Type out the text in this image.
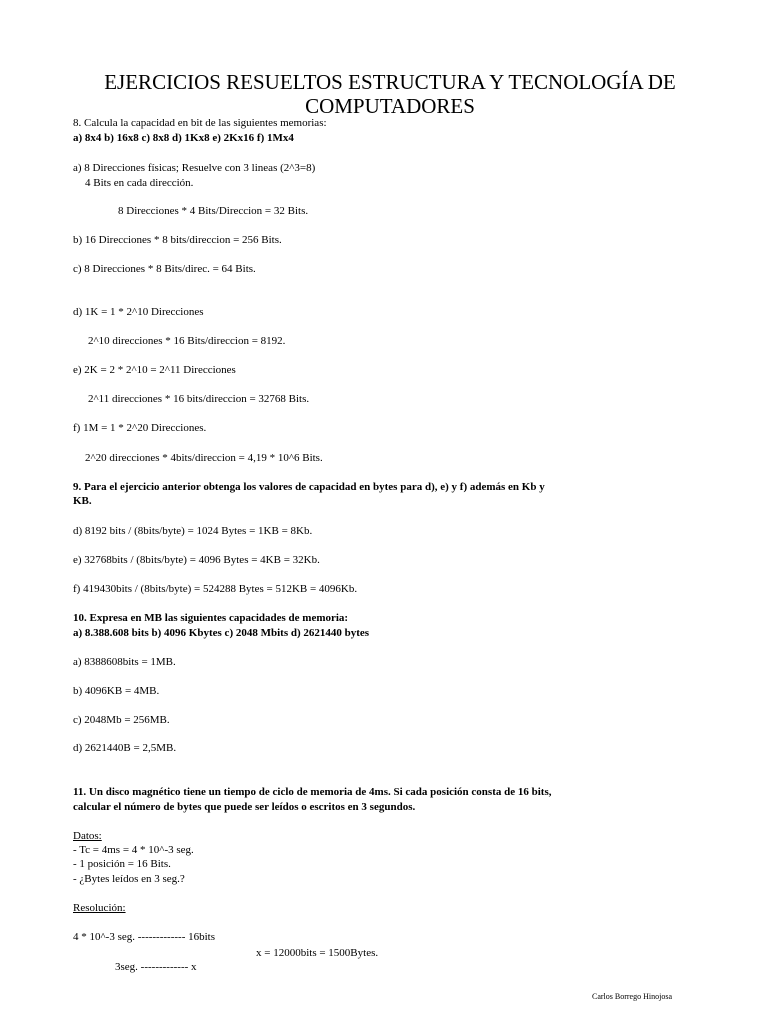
EJERCICIOS RESUELTOS ESTRUCTURA Y TECNOLOGÍA DE
COMPUTADORES
8. Calcula la capacidad en bit de las siguientes memorias:
a) 8x4 b) 16x8 c) 8x8 d) 1Kx8 e) 2Kx16 f) 1Mx4
a) 8 Direcciones físicas; Resuelve con 3 lineas (2^3=8)
4 Bits en cada dirección.
8 Direcciones * 4 Bits/Direccion = 32 Bits.
b) 16 Direcciones * 8 bits/direccion = 256 Bits.
c) 8 Direcciones * 8 Bits/direc. = 64 Bits.
d) 1K = 1 * 2^10 Direcciones
2^10 direcciones * 16 Bits/direccion = 8192.
e) 2K = 2 * 2^10 = 2^11 Direcciones
2^11 direcciones * 16 bits/direccion = 32768 Bits.
f) 1M = 1 * 2^20 Direcciones.
2^20 direcciones * 4bits/direccion = 4,19 * 10^6 Bits.
9. Para el ejercicio anterior obtenga los valores de capacidad en bytes para d), e) y f) además en Kb y
KB.
d) 8192 bits / (8bits/byte) = 1024 Bytes = 1KB = 8Kb.
e) 32768bits / (8bits/byte) = 4096 Bytes = 4KB = 32Kb.
f) 419430bits / (8bits/byte) = 524288 Bytes = 512KB = 4096Kb.
10. Expresa en MB las siguientes capacidades de memoria:
a) 8.388.608 bits b) 4096 Kbytes c) 2048 Mbits d) 2621440 bytes
a) 8388608bits = 1MB.
b) 4096KB = 4MB.
c) 2048Mb = 256MB.
d) 2621440B = 2,5MB.
11. Un disco magnético tiene un tiempo de ciclo de memoria de 4ms. Si cada posición consta de 16 bits,
calcular el número de bytes que puede ser leídos o escritos en 3 segundos.
Datos:
- Tc = 4ms = 4 * 10^-3 seg.
- 1 posición = 16 Bits.
- ¿Bytes leídos en 3 seg.?
Resolución:
4 * 10^-3 seg. ------------- 16bits
x = 12000bits = 1500Bytes.
3seg. ------------- x
Carlos Borrego Hinojosa
